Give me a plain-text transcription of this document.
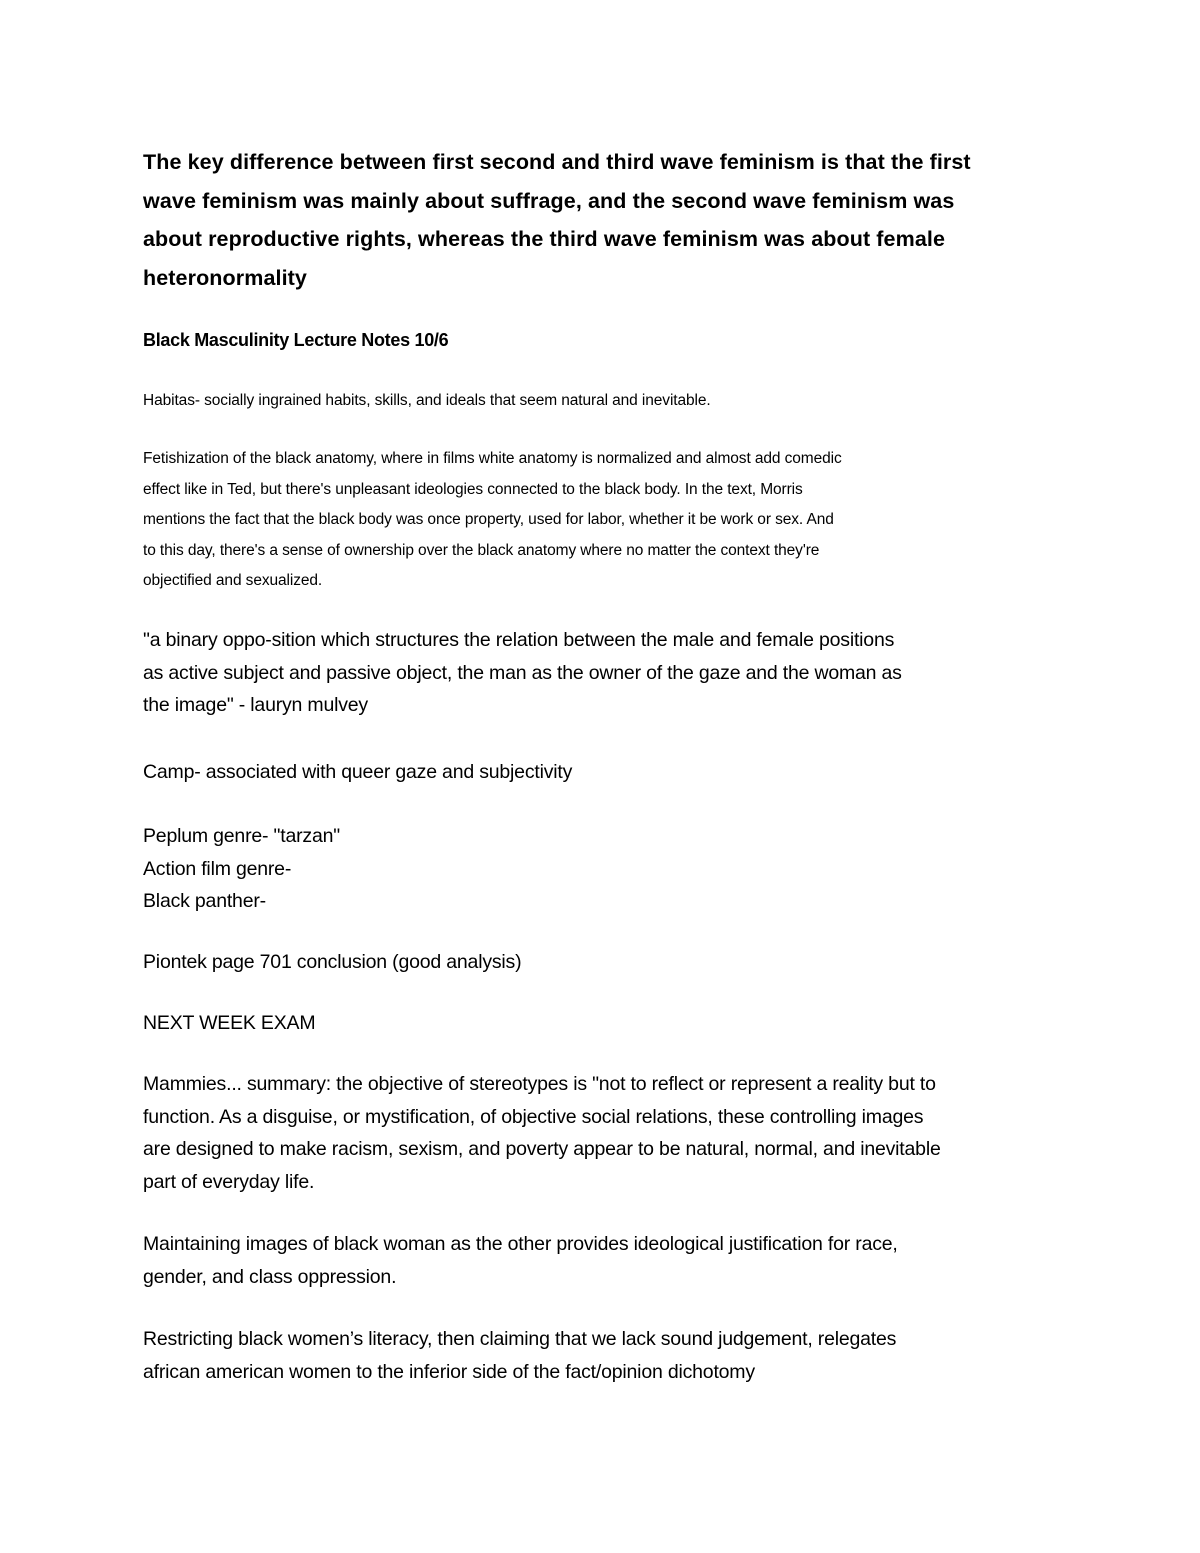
The key difference between first second and third wave feminism is that the first
wave feminism was mainly about suffrage, and the second wave feminism was
about reproductive rights, whereas the third wave feminism was about female
heteronormality

Black Masculinity Lecture Notes 10/6

Habitas- socially ingrained habits, skills, and ideals that seem natural and inevitable.

Fetishization of the black anatomy, where in films white anatomy is normalized and almost add comedic
effect like in Ted, but there's unpleasant ideologies connected to the black body. In the text, Morris
mentions the fact that the black body was once property, used for labor, whether it be work or sex. And
to this day, there's a sense of ownership over the black anatomy where no matter the context they're
objectified and sexualized.

"a binary oppo-sition which structures the relation between the male and female positions
as active subject and passive object, the man as the owner of the gaze and the woman as
the image" - lauryn mulvey

Camp- associated with queer gaze and subjectivity

Peplum genre- "tarzan"
Action film genre-
Black panther-

Piontek page 701 conclusion (good analysis)

NEXT WEEK EXAM

Mammies... summary: the objective of stereotypes is "not to reflect or represent a reality but to
function. As a disguise, or mystification, of objective social relations, these controlling images
are designed to make racism, sexism, and poverty appear to be natural, normal, and inevitable
part of everyday life.

Maintaining images of black woman as the other provides ideological justification for race,
gender, and class oppression.

Restricting black women’s literacy, then claiming that we lack sound judgement, relegates
african american women to the inferior side of the fact/opinion dichotomy
